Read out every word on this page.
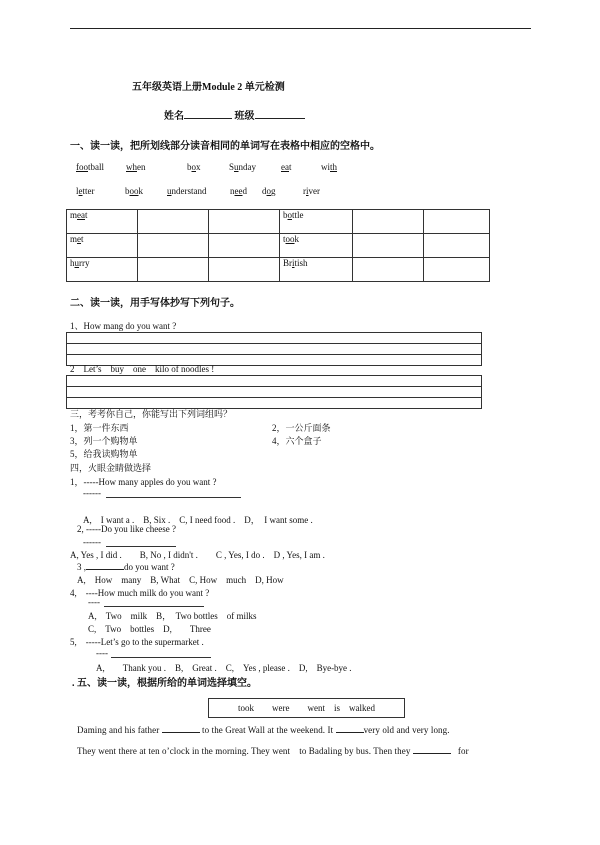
五年级英语上册Module 2 单元检测
姓名	班级
一、读一读，把所划线部分读音相同的单词写在表格中相应的空格中。
football when	box	Sunday	eat	with
letter	book	understand	need dog	river
meat			bottle		
met			took		
hurry			British		
二、读一读，用手写体抄写下列句子。
1、How mang do you want ?
2　Let’s　buy　one　kilo of noodles !
三，考考你自己，你能写出下列词组吗？
1，第一件东西	2，一公斤面条
3，列一个购物单	4，六个盒子
5，给我读购物单
四，火眼金睛做选择
1，-----How many apples do you want ?
------
A,　I want a .　B, Six .　C, I need food .　D，　I want some .
2, -----Do you like cheese ?
------
A, Yes , I did .　　B, No , I didn't .　　C , Yes, I do .　D , Yes, I am .
3 ,	do you want ?
A,　How　many　B, What　C, How　much　D, How
4,　----How much milk do you want ?
----
A,　Two　milk　B，　Two bottles　of milks
C,　Two　bottles　D,　　Three
5,　-----Let’s go to the supermarket .
----
A,　　Thank you .　B,　Great .　C,　Yes , please .　D,　Bye-bye .
. 五、读一读，根据所给的单词选择填空。
took　　were　　went　is　walked
Daming and his father	to the Great Wall at the weekend. It	very old and very long.
They went there at ten o’clock in the morning. They went　to Badaling by bus. Then they	for
